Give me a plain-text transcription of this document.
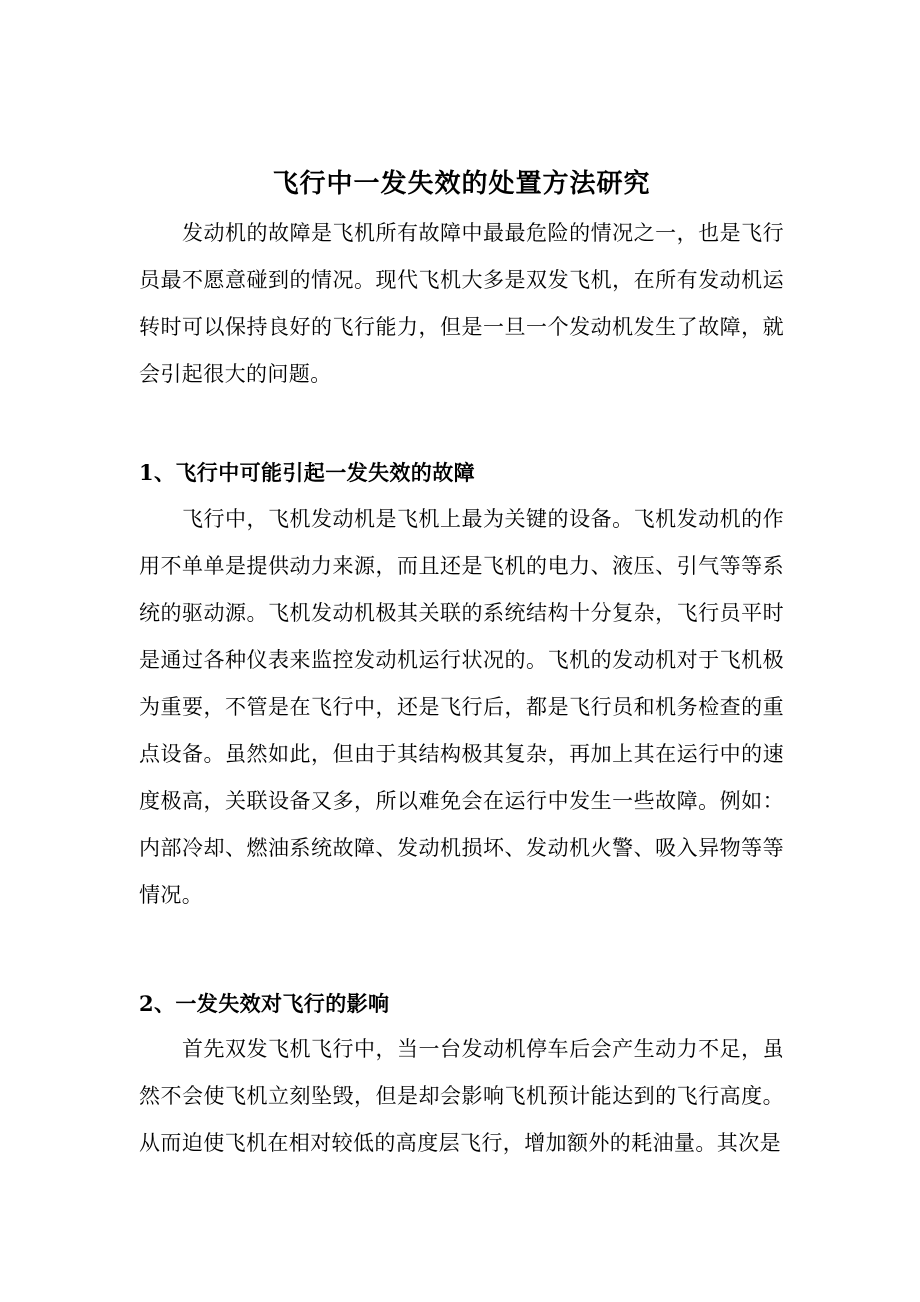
飞行中一发失效的处置方法研究

发动机的故障是飞机所有故障中最最危险的情况之一，也是飞行员最不愿意碰到的情况。现代飞机大多是双发飞机，在所有发动机运转时可以保持良好的飞行能力，但是一旦一个发动机发生了故障，就会引起很大的问题。

1、飞行中可能引起一发失效的故障

飞行中，飞机发动机是飞机上最为关键的设备。飞机发动机的作用不单单是提供动力来源，而且还是飞机的电力、液压、引气等等系统的驱动源。飞机发动机极其关联的系统结构十分复杂，飞行员平时是通过各种仪表来监控发动机运行状况的。飞机的发动机对于飞机极为重要，不管是在飞行中，还是飞行后，都是飞行员和机务检查的重点设备。虽然如此，但由于其结构极其复杂，再加上其在运行中的速度极高，关联设备又多，所以难免会在运行中发生一些故障。例如：内部冷却、燃油系统故障、发动机损坏、发动机火警、吸入异物等等情况。

2、一发失效对飞行的影响

首先双发飞机飞行中，当一台发动机停车后会产生动力不足，虽然不会使飞机立刻坠毁，但是却会影响飞机预计能达到的飞行高度。从而迫使飞机在相对较低的高度层飞行，增加额外的耗油量。其次是
